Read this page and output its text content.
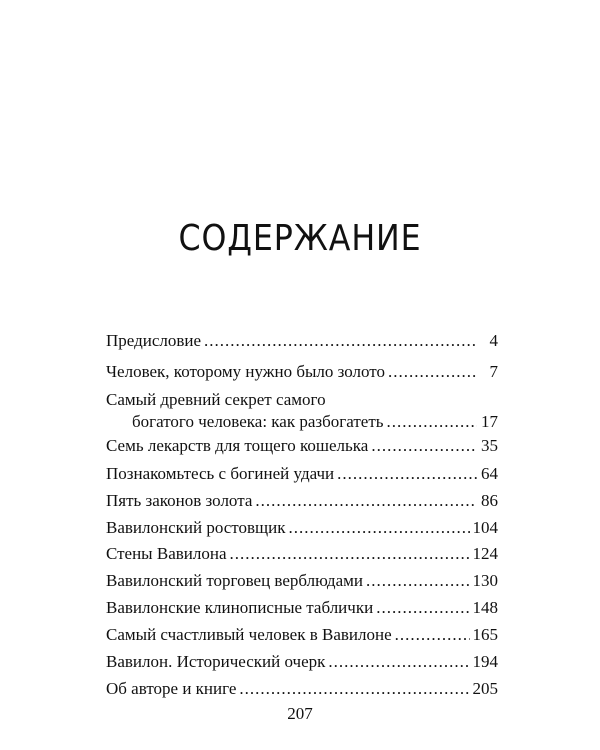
СОДЕРЖАНИЕ
Предисловие .....	4
Человек, которому нужно было золото .....	7
Самый древний секрет самого
богатого человека: как разбогатеть .....	17
Семь лекарств для тощего кошелька .....	35
Познакомьтесь с богиней удачи .....	64
Пять законов золота .....	86
Вавилонский ростовщик .....	104
Стены Вавилона .....	124
Вавилонский торговец верблюдами .....	130
Вавилонские клинописные таблички .....	148
Самый счастливый человек в Вавилоне .....	165
Вавилон. Исторический очерк .....	194
Об авторе и книге .....	205
207
